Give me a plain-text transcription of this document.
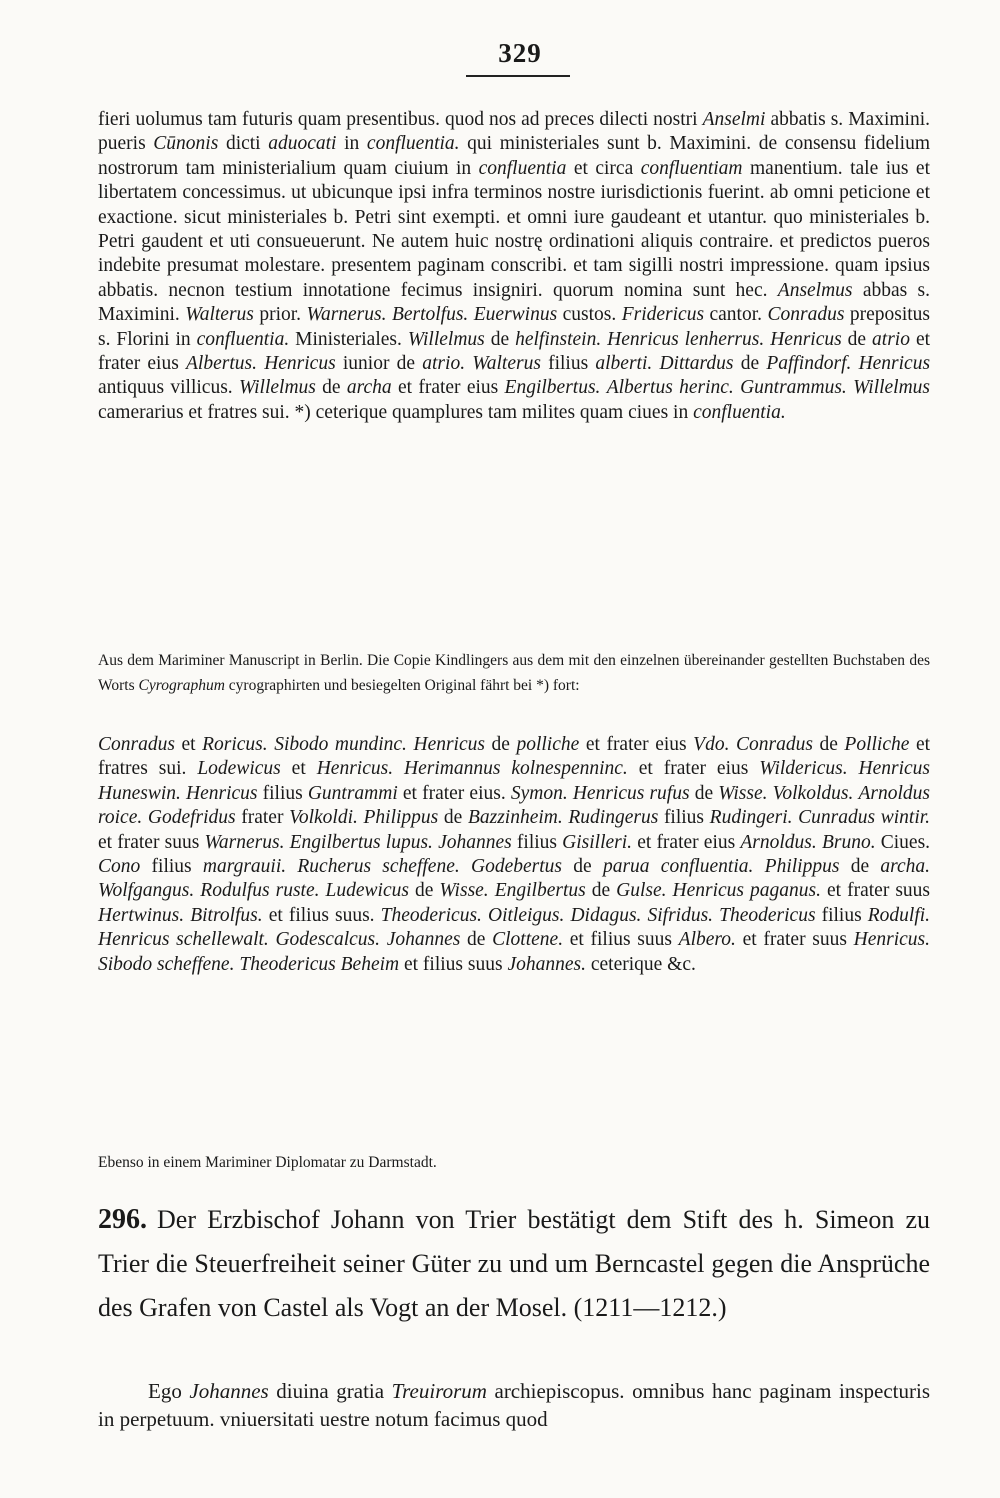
329

fieri uolumus tam futuris quam presentibus. quod nos ad preces dilecti nostri Anselmi abbatis s. Maximini. pueris Cūnonis dicti aduocati in confluentia. qui ministeriales sunt b. Maximini. de consensu fidelium nostrorum tam ministerialium quam ciuium in confluentia et circa confluentiam manentium. tale ius et libertatem concessimus. ut ubicunque ipsi infra terminos nostre iurisdictionis fuerint. ab omni peticione et exactione. sicut ministeriales b. Petri sint exempti. et omni iure gaudeant et utantur. quo ministeriales b. Petri gaudent et uti consueuerunt. Ne autem huic nostrę ordinationi aliquis contraire. et predictos pueros indebite presumat molestare. presentem paginam conscribi. et tam sigilli nostri impressione. quam ipsius abbatis. necnon testium innotatione fecimus insigniri. quorum nomina sunt hec. Anselmus abbas s. Maximini. Walterus prior. Warnerus. Bertolfus. Euerwinus custos. Fridericus cantor. Conradus prepositus s. Florini in confluentia. Ministeriales. Willelmus de helfinstein. Henricus lenherrus. Henricus de atrio et frater eius Albertus. Henricus iunior de atrio. Walterus filius alberti. Dittardus de Paffindorf. Henricus antiquus villicus. Willelmus de archa et frater eius Engilbertus. Albertus herinc. Guntrammus. Willelmus camerarius et fratres sui. *) ceterique quamplures tam milites quam ciues in confluentia.

Aus dem Mariminer Manuscript in Berlin. Die Copie Kindlingers aus dem mit den einzelnen übereinander gestellten Buchstaben des Worts Cyrographum cyrographirten und besiegelten Original fährt bei *) fort:

Conradus et Roricus. Sibodo mundinc. Henricus de polliche et frater eius Vdo. Conradus de Polliche et fratres sui. Lodewicus et Henricus. Herimannus kolnespenninc. et frater eius Wildericus. Henricus Huneswin. Henricus filius Guntrammi et frater eius. Symon. Henricus rufus de Wisse. Volkoldus. Arnoldus roice. Godefridus frater Volkoldi. Philippus de Bazzinheim. Rudingerus filius Rudingeri. Cunradus wintir. et frater suus Warnerus. Engilbertus lupus. Johannes filius Gisilleri. et frater eius Arnoldus. Bruno. Ciues. Cono filius margrauii. Rucherus scheffene. Godebertus de parua confluentia. Philippus de archa. Wolfgangus. Rodulfus ruste. Ludewicus de Wisse. Engilbertus de Gulse. Henricus paganus. et frater suus Hertwinus. Bitrolfus. et filius suus. Theodericus. Oitleigus. Didagus. Sifridus. Theodericus filius Rodulfi. Henricus schellewalt. Godescalcus. Johannes de Clottene. et filius suus Albero. et frater suus Henricus. Sibodo scheffene. Theodericus Beheim et filius suus Johannes. ceterique &c.

Ebenso in einem Mariminer Diplomatar zu Darmstadt.

296. Der Erzbischof Johann von Trier bestätigt dem Stift des h. Simeon zu Trier die Steuerfreiheit seiner Güter zu und um Berncastel gegen die Ansprüche des Grafen von Castel als Vogt an der Mosel. (1211—1212.)

Ego Johannes diuina gratia Treuirorum archiepiscopus. omnibus hanc paginam inspecturis in perpetuum. vniuersitati uestre notum facimus quod
